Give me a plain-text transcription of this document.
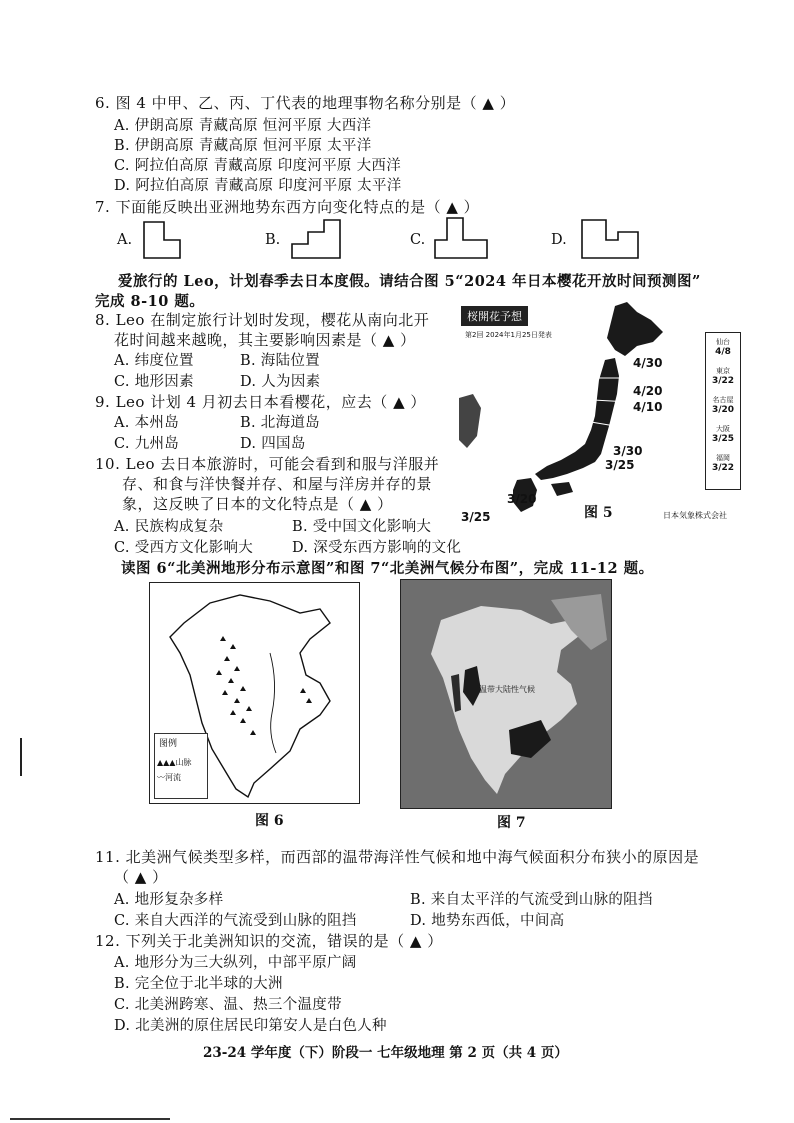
6. 图 4 中甲、乙、丙、丁代表的地理事物名称分别是（ ▲ ）
A. 伊朗高原 青藏高原 恒河平原 大西洋
B. 伊朗高原 青藏高原 恒河平原 太平洋
C. 阿拉伯高原 青藏高原 印度河平原 大西洋
D. 阿拉伯高原 青藏高原 印度河平原 太平洋
7. 下面能反映出亚洲地势东西方向变化特点的是（ ▲ ）
A.	B.	C.	D.
爱旅行的 Leo，计划春季去日本度假。请结合图 5“2024 年日本樱花开放时间预测图”
完成 8-10 题。
8. Leo 在制定旅行计划时发现，樱花从南向北开
花时间越来越晚，其主要影响因素是（ ▲ ）
A. 纬度位置	B. 海陆位置
C. 地形因素	D. 人为因素
9. Leo 计划 4 月初去日本看樱花，应去（ ▲ ）
A. 本州岛	B. 北海道岛
C. 九州岛	D. 四国岛
10. Leo 去日本旅游时，可能会看到和服与洋服并
存、和食与洋快餐并存、和屋与洋房并存的景
象，这反映了日本的文化特点是（ ▲ ）
A. 民族构成复杂	B. 受中国文化影响大
C. 受西方文化影响大	D. 深受东西方影响的文化
桜開花予想
第2回 2024年1月25日発表
4/30
4/20
4/10
3/30
3/25
3/20
3/25
仙台
4/8
東京
3/22
名古屋
3/20
大阪
3/25
福岡
3/22
日本気象株式会社
图 5
读图 6“北美洲地形分布示意图”和图 7“北美洲气候分布图”，完成 11-12 题。
图例
▲▲▲山脉
〰河流
图 6
温带大陆性气候
图 7
11. 北美洲气候类型多样，而西部的温带海洋性气候和地中海气候面积分布狭小的原因是
（ ▲ ）
A. 地形复杂多样	B. 来自太平洋的气流受到山脉的阻挡
C. 来自大西洋的气流受到山脉的阻挡	D. 地势东西低，中间高
12. 下列关于北美洲知识的交流，错误的是（ ▲ ）
A. 地形分为三大纵列，中部平原广阔
B. 完全位于北半球的大洲
C. 北美洲跨寒、温、热三个温度带
D. 北美洲的原住居民印第安人是白色人种
23-24 学年度（下）阶段一 七年级地理 第 2 页（共 4 页）
